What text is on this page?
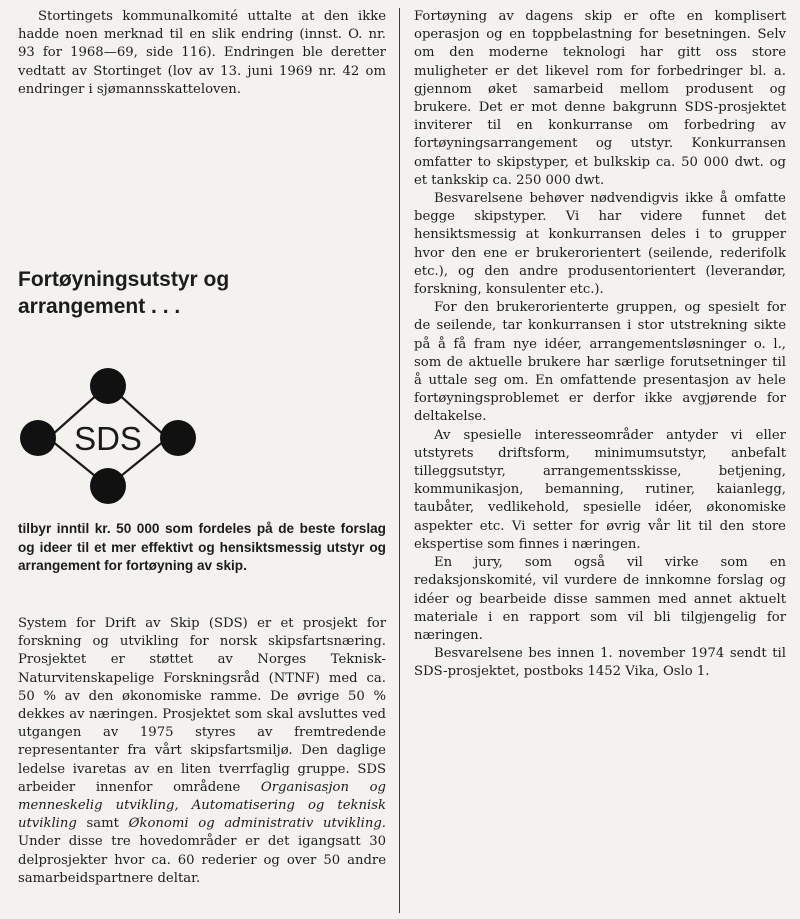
Stortingets kommunalkomité uttalte at den ikke hadde noen merknad til en slik endring (innst. O. nr. 93 for 1968—69, side 116). Endringen ble deretter vedtatt av Stortinget (lov av 13. juni 1969 nr. 42 om endringer i sjømannsskatteloven.

Fortøyningsutstyr og
arrangement . . .
SDS

tilbyr inntil kr. 50 000 som fordeles på de beste forslag og ideer til et mer effektivt og hensiktsmessig utstyr og arrangement for fortøyning av skip.

System for Drift av Skip (SDS) er et prosjekt for forskning og utvikling for norsk skipsfartsnæring. Prosjektet er støttet av Norges Teknisk-Naturvitenskapelige Forskningsråd (NTNF) med ca. 50 % av den økonomiske ramme. De øvrige 50 % dekkes av næringen. Prosjektet som skal avsluttes ved utgangen av 1975 styres av fremtredende representanter fra vårt skipsfartsmiljø. Den daglige ledelse ivaretas av en liten tverrfaglig gruppe. SDS arbeider innenfor områdene Organisasjon og menneskelig utvikling, Automatisering og teknisk utvikling samt Økonomi og administrativ utvikling. Under disse tre hovedområder er det igangsatt 30 delprosjekter hvor ca. 60 rederier og over 50 andre samarbeidspartnere deltar.

Fortøyning av dagens skip er ofte en komplisert operasjon og en toppbelastning for besetningen. Selv om den moderne teknologi har gitt oss store muligheter er det likevel rom for forbedringer bl. a. gjennom øket samarbeid mellom produsent og brukere. Det er mot denne bakgrunn SDS-prosjektet inviterer til en konkurranse om forbedring av fortøyningsarrangement og utstyr. Konkurransen omfatter to skipstyper, et bulkskip ca. 50 000 dwt. og et tankskip ca. 250 000 dwt.

Besvarelsene behøver nødvendigvis ikke å omfatte begge skipstyper. Vi har videre funnet det hensiktsmessig at konkurransen deles i to grupper hvor den ene er brukerorientert (seilende, rederifolk etc.), og den andre produsentorientert (leverandør, forskning, konsulenter etc.).

For den brukerorienterte gruppen, og spesielt for de seilende, tar konkurransen i stor utstrekning sikte på å få fram nye idéer, arrangementsløsninger o. l., som de aktuelle brukere har særlige forutsetninger til å uttale seg om. En omfattende presentasjon av hele fortøyningsproblemet er derfor ikke avgjørende for deltakelse.

Av spesielle interesseområder antyder vi eller utstyrets driftsform, minimumsutstyr, anbefalt tilleggsutstyr, arrangementsskisse, betjening, kommunikasjon, bemanning, rutiner, kaianlegg, taubåter, vedlikehold, spesielle idéer, økonomiske aspekter etc. Vi setter for øvrig vår lit til den store ekspertise som finnes i næringen.

En jury, som også vil virke som en redaksjonskomité, vil vurdere de innkomne forslag og idéer og bearbeide disse sammen med annet aktuelt materiale i en rapport som vil bli tilgjengelig for næringen.

Besvarelsene bes innen 1. november 1974 sendt til SDS-prosjektet, postboks 1452 Vika, Oslo 1.
